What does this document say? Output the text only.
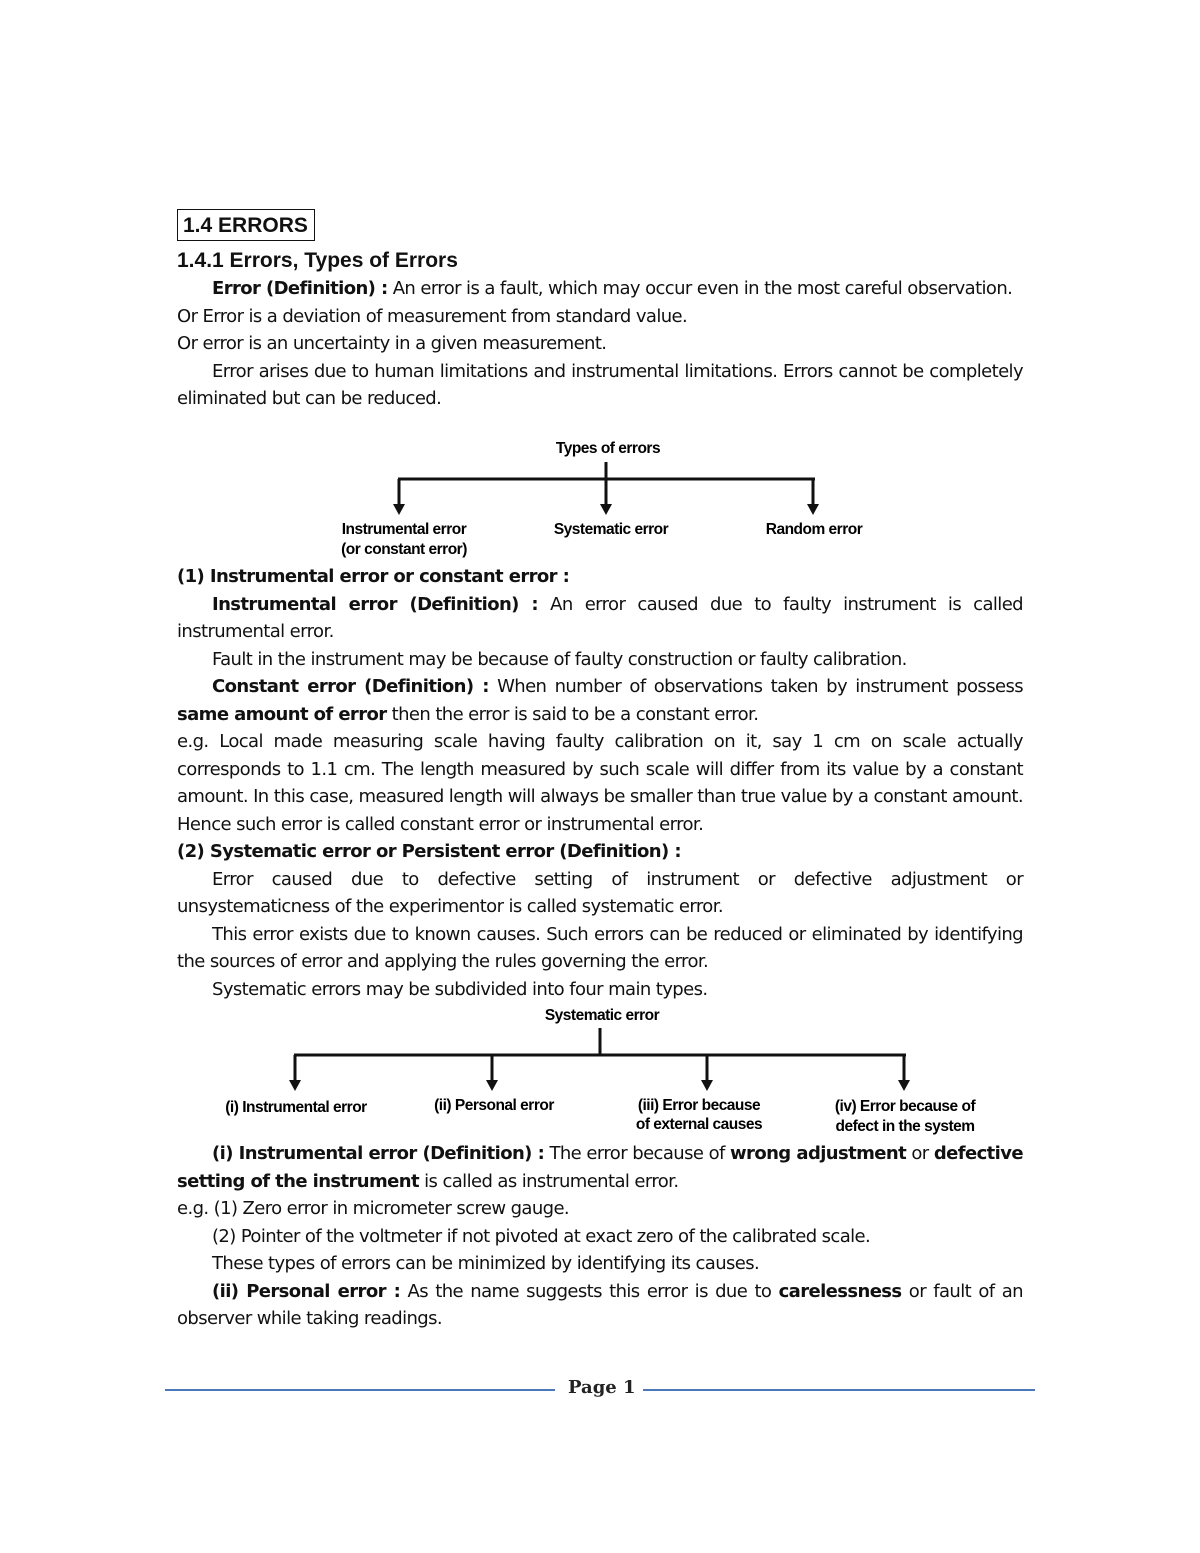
1.4 ERRORS
1.4.1 Errors, Types of Errors

Error (Definition) : An error is a fault, which may occur even in the most careful observation.

Or Error is a deviation of measurement from standard value.

Or error is an uncertainty in a given measurement.

Error arises due to human limitations and instrumental limitations. Errors cannot be completely eliminated but can be reduced.

Types of errors
Instrumental error
(or constant error)
Systematic error	Random error
Systematic error
(i) Instrumental error	(ii) Personal error	(iii) Error because
of external causes
(iv) Error because of
defect in the system

(1) Instrumental error or constant error :

Instrumental error (Definition) : An error caused due to faulty instrument is called instrumental error.

Fault in the instrument may be because of faulty construction or faulty calibration.

Constant error (Definition) : When number of observations taken by instrument possess same amount of error then the error is said to be a constant error.

e.g. Local made measuring scale having faulty calibration on it, say 1 cm on scale actually corresponds to 1.1 cm. The length measured by such scale will differ from its value by a constant amount. In this case, measured length will always be smaller than true value by a constant amount. Hence such error is called constant error or instrumental error.

(2) Systematic error or Persistent error (Definition) :

Error caused due to defective setting of instrument or defective adjustment or unsystematicness of the experimentor is called systematic error.

This error exists due to known causes. Such errors can be reduced or eliminated by identifying the sources of error and applying the rules governing the error.

Systematic errors may be subdivided into four main types.

(i) Instrumental error (Definition) : The error because of wrong adjustment or defective setting of the instrument is called as instrumental error.

e.g. (1) Zero error in micrometer screw gauge.

(2) Pointer of the voltmeter if not pivoted at exact zero of the calibrated scale.

These types of errors can be minimized by identifying its causes.

(ii) Personal error : As the name suggests this error is due to carelessness or fault of an observer while taking readings.

Page 1
